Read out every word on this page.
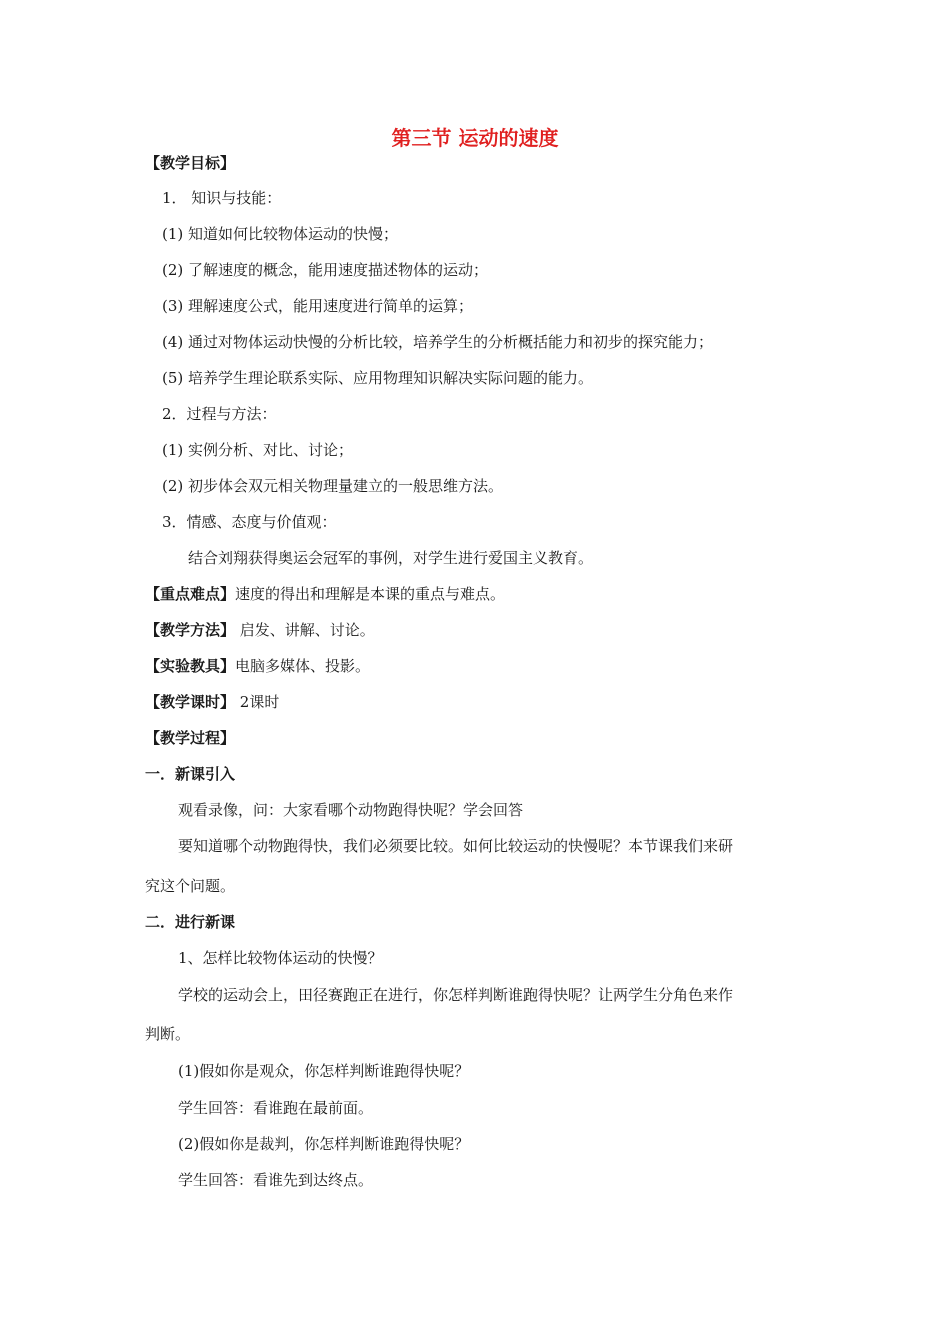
第三节 运动的速度
【教学目标】
1． 知识与技能：
(1) 知道如何比较物体运动的快慢；
(2) 了解速度的概念，能用速度描述物体的运动；
(3) 理解速度公式，能用速度进行简单的运算；
(4) 通过对物体运动快慢的分析比较，培养学生的分析概括能力和初步的探究能力；
(5) 培养学生理论联系实际、应用物理知识解决实际问题的能力。
2．过程与方法：
(1) 实例分析、对比、讨论；
(2) 初步体会双元相关物理量建立的一般思维方法。
3．情感、态度与价值观：
结合刘翔获得奥运会冠军的事例，对学生进行爱国主义教育。
【重点难点】速度的得出和理解是本课的重点与难点。
【教学方法】 启发、讲解、讨论。
【实验教具】电脑多媒体、投影。
【教学课时】 2课时
【教学过程】
一．新课引入
观看录像，问：大家看哪个动物跑得快呢？学会回答
要知道哪个动物跑得快，我们必须要比较。如何比较运动的快慢呢？本节课我们来研
究这个问题。
二．进行新课
1、怎样比较物体运动的快慢？
学校的运动会上，田径赛跑正在进行，你怎样判断谁跑得快呢？让两学生分角色来作
判断。
(1)假如你是观众，你怎样判断谁跑得快呢？
学生回答：看谁跑在最前面。
(2)假如你是裁判，你怎样判断谁跑得快呢？
学生回答：看谁先到达终点。
